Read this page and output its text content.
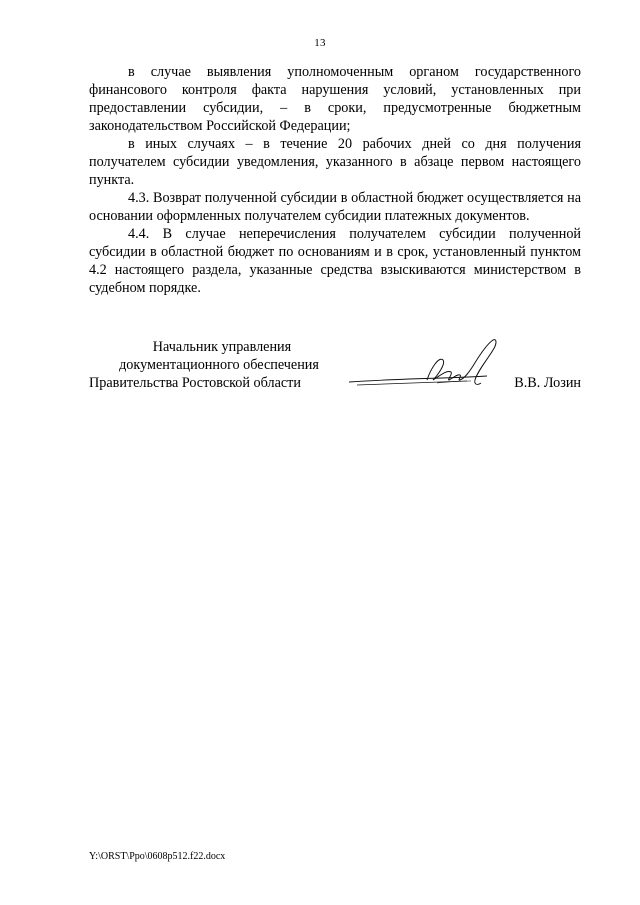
13

в случае выявления уполномоченным органом государственного финансового контроля факта нарушения условий, установленных при предоставлении субсидии, – в сроки, предусмотренные бюджетным законодательством Российской Федерации;

в иных случаях – в течение 20 рабочих дней со дня получения получателем субсидии уведомления, указанного в абзаце первом настоящего пункта.

4.3. Возврат полученной субсидии в областной бюджет осуществляется на основании оформленных получателем субсидии платежных документов.

4.4. В случае неперечисления получателем субсидии полученной субсидии в областной бюджет по основаниям и в срок, установленный пунктом 4.2 настоящего раздела, указанные средства взыскиваются министерством в судебном порядке.

Начальник управления
документационного обеспечения
Правительства Ростовской области	В.В. Лозин
Y:\ORST\Ppo\0608p512.f22.docx
